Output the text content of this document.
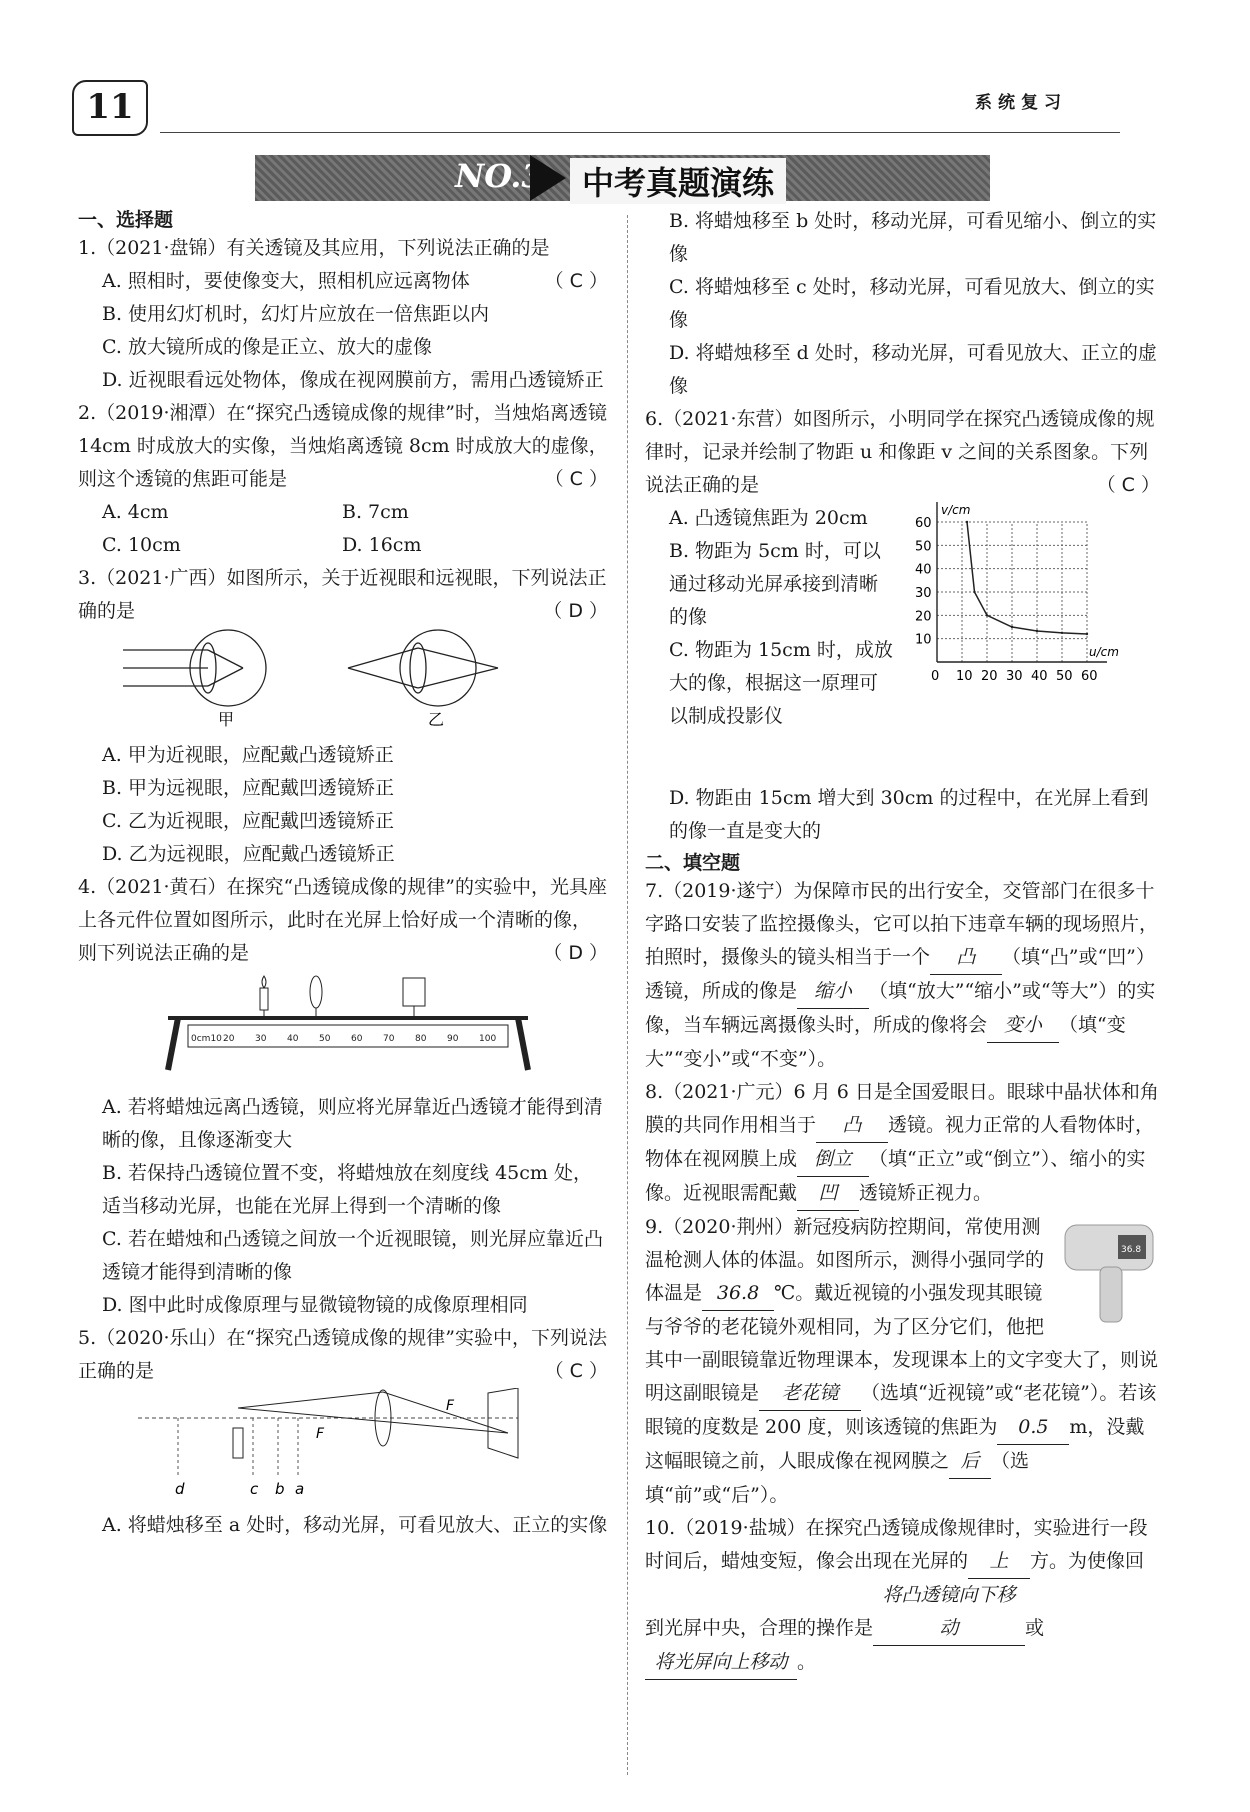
11	系统复习
NO.3	中考真题演练

一、选择题

1.（2021·盘锦）有关透镜及其应用，下列说法正确的是
（ C ）

A. 照相时，要使像变大，照相机应远离物体

B. 使用幻灯机时，幻灯片应放在一倍焦距以内

C. 放大镜所成的像是正立、放大的虚像

D. 近视眼看远处物体，像成在视网膜前方，需用凸透镜矫正

2.（2019·湘潭）在“探究凸透镜成像的规律”时，当烛焰离透镜 14cm 时成放大的实像，当烛焰离透镜 8cm 时成放大的虚像，则这个透镜的焦距可能是	（ C ）

A. 4cm	B. 7cm

C. 10cm	D. 16cm

3.（2021·广西）如图所示，关于近视眼和远视眼，下列说法正确的是	（ D ）

甲	乙

A. 甲为近视眼，应配戴凸透镜矫正

B. 甲为远视眼，应配戴凹透镜矫正

C. 乙为近视眼，应配戴凹透镜矫正

D. 乙为远视眼，应配戴凸透镜矫正

4.（2021·黄石）在探究“凸透镜成像的规律”的实验中，光具座上各元件位置如图所示，此时在光屏上恰好成一个清晰的像，则下列说法正确的是	（ D ）

0cm10 20 30 40 50 60 70 80 90 100

A. 若将蜡烛远离凸透镜，则应将光屏靠近凸透镜才能得到清晰的像，且像逐渐变大

B. 若保持凸透镜位置不变，将蜡烛放在刻度线 45cm 处，适当移动光屏，也能在光屏上得到一个清晰的像

C. 若在蜡烛和凸透镜之间放一个近视眼镜，则光屏应靠近凸透镜才能得到清晰的像

D. 图中此时成像原理与显微镜物镜的成像原理相同

5.（2020·乐山）在“探究凸透镜成像的规律”实验中，下列说法正确的是	（ C ）

d	c b a
F
F

A. 将蜡烛移至 a 处时，移动光屏，可看见放大、正立的实像

B. 将蜡烛移至 b 处时，移动光屏，可看见缩小、倒立的实像

C. 将蜡烛移至 c 处时，移动光屏，可看见放大、倒立的实像

D. 将蜡烛移至 d 处时，移动光屏，可看见放大、正立的虚像

6.（2021·东营）如图所示，小明同学在探究凸透镜成像的规律时，记录并绘制了物距 u 和像距 v 之间的关系图象。下列说法正确的是	（ C ）

A. 凸透镜焦距为 20cm

B. 物距为 5cm 时，可以通过移动光屏承接到清晰的像

C. 物距为 15cm 时，成放大的像，根据这一原理可以制成投影仪

0 10 20 30 40 50 60
10
20
30
40
50
60
u/cm
v/cm

D. 物距由 15cm 增大到 30cm 的过程中，在光屏上看到的像一直是变大的

二、填空题

7.（2019·遂宁）为保障市民的出行安全，交管部门在很多十字路口安装了监控摄像头，它可以拍下违章车辆的现场照片，拍照时，摄像头的镜头相当于一个 凸 （填“凸”或“凹”）透镜，所成的像是 缩小 （填“放大”“缩小”或“等大”）的实像，当车辆远离摄像头时，所成的像将会 变小 （填“变大”“变小”或“不变”）。

8.（2021·广元）6 月 6 日是全国爱眼日。眼球中晶状体和角膜的共同作用相当于 凸 透镜。视力正常的人看物体时，物体在视网膜上成 倒立 （填“正立”或“倒立”）、缩小的实像。近视眼需配戴 凹 透镜矫正视力。

36.8

9.（2020·荆州）新冠疫病防控期间，常使用测温枪测人体的体温。如图所示，测得小强同学的体温是 36.8 ℃。戴近视镜的小强发现其眼镜与爷爷的老花镜外观相同，为了区分它们，他把其中一副眼镜靠近物理课本，发现课本上的文字变大了，则说明这副眼镜是 老花镜 （选填“近视镜”或“老花镜”）。若该眼镜的度数是 200 度，则该透镜的焦距为 0.5 m，没戴这幅眼镜之前，人眼成像在视网膜之 后 （选填“前”或“后”）。

10.（2019·盐城）在探究凸透镜成像规律时，实验进行一段时间后，蜡烛变短，像会出现在光屏的 上 方。为使像回到光屏中央，合理的操作是将凸透镜向下移动	或将光屏向上移动 。
